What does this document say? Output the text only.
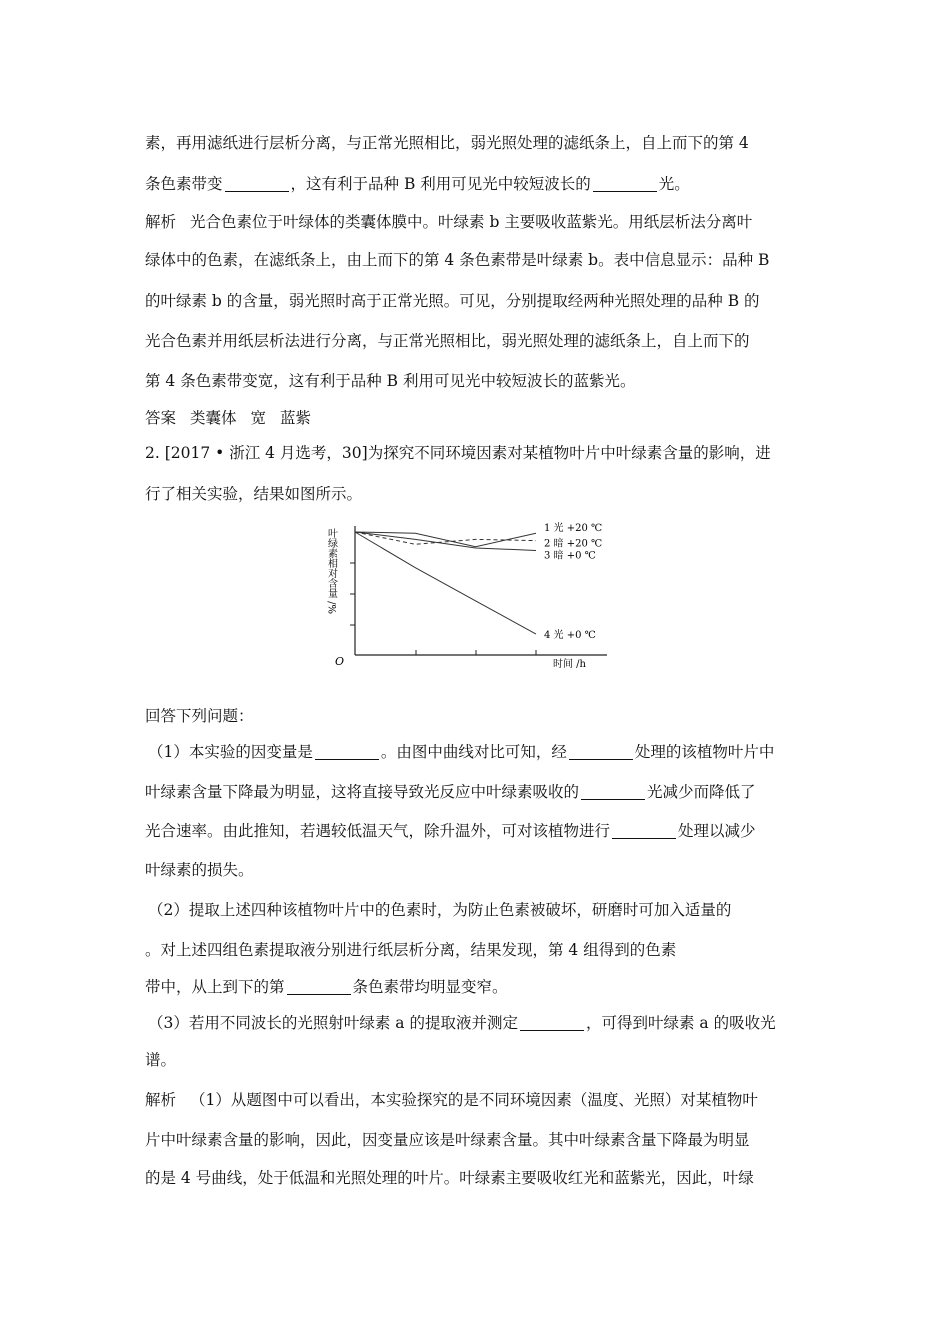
素，再用滤纸进行层析分离，与正常光照相比，弱光照处理的滤纸条上，自上而下的第 4
条色素带变	，这有利于品种 B 利用可见光中较短波长的	光。
解析 光合色素位于叶绿体的类囊体膜中。叶绿素 b 主要吸收蓝紫光。用纸层析法分离叶
绿体中的色素，在滤纸条上，由上而下的第 4 条色素带是叶绿素 b。表中信息显示：品种 B
的叶绿素 b 的含量，弱光照时高于正常光照。可见，分别提取经两种光照处理的品种 B 的
光合色素并用纸层析法进行分离，与正常光照相比，弱光照处理的滤纸条上，自上而下的
第 4 条色素带变宽，这有利于品种 B 利用可见光中较短波长的蓝紫光。
答案 类囊体 宽 蓝紫
2. [2017 • 浙江 4 月选考，30]为探究不同环境因素对某植物叶片中叶绿素含量的影响，进
行了相关实验，结果如图所示。
叶绿素相对含量 /%
O	时间 /h
1 光 +20 ℃
2 暗 +20 ℃
3 暗 +0 ℃
4 光 +0 ℃
回答下列问题：
（1）本实验的因变量是	。由图中曲线对比可知，经	处理的该植物叶片中
叶绿素含量下降最为明显，这将直接导致光反应中叶绿素吸收的	光减少而降低了
光合速率。由此推知，若遇较低温天气，除升温外，可对该植物进行	处理以减少
叶绿素的损失。
（2）提取上述四种该植物叶片中的色素时，为防止色素被破坏，研磨时可加入适量的
。对上述四组色素提取液分别进行纸层析分离，结果发现，第 4 组得到的色素
带中，从上到下的第	条色素带均明显变窄。
（3）若用不同波长的光照射叶绿素 a 的提取液并测定	，可得到叶绿素 a 的吸收光
谱。
解析 （1）从题图中可以看出，本实验探究的是不同环境因素（温度、光照）对某植物叶
片中叶绿素含量的影响，因此，因变量应该是叶绿素含量。其中叶绿素含量下降最为明显
的是 4 号曲线，处于低温和光照处理的叶片。叶绿素主要吸收红光和蓝紫光，因此，叶绿
